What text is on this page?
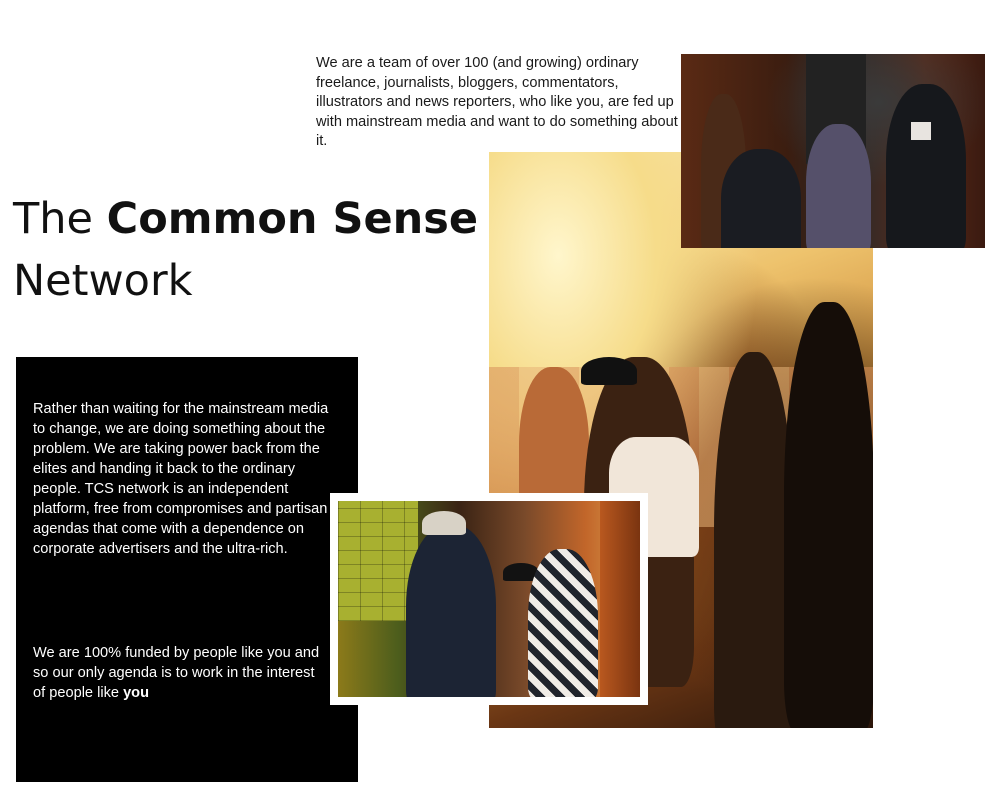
We are a team of over 100 (and growing) ordinary freelance, journalists, bloggers, commentators, illustrators and news reporters, who like you, are fed up with mainstream media and want to do something about it.

The Common Sense
Network

Rather than waiting for the mainstream media to change, we are doing something about the problem. We are taking power back from the elites and handing it back to the ordinary people. TCS network is an independent platform, free from compromises and partisan agendas that come with a dependence on corporate advertisers and the ultra-rich.

We are 100% funded by people like you and so our only agenda is to work in the interest of people like you
